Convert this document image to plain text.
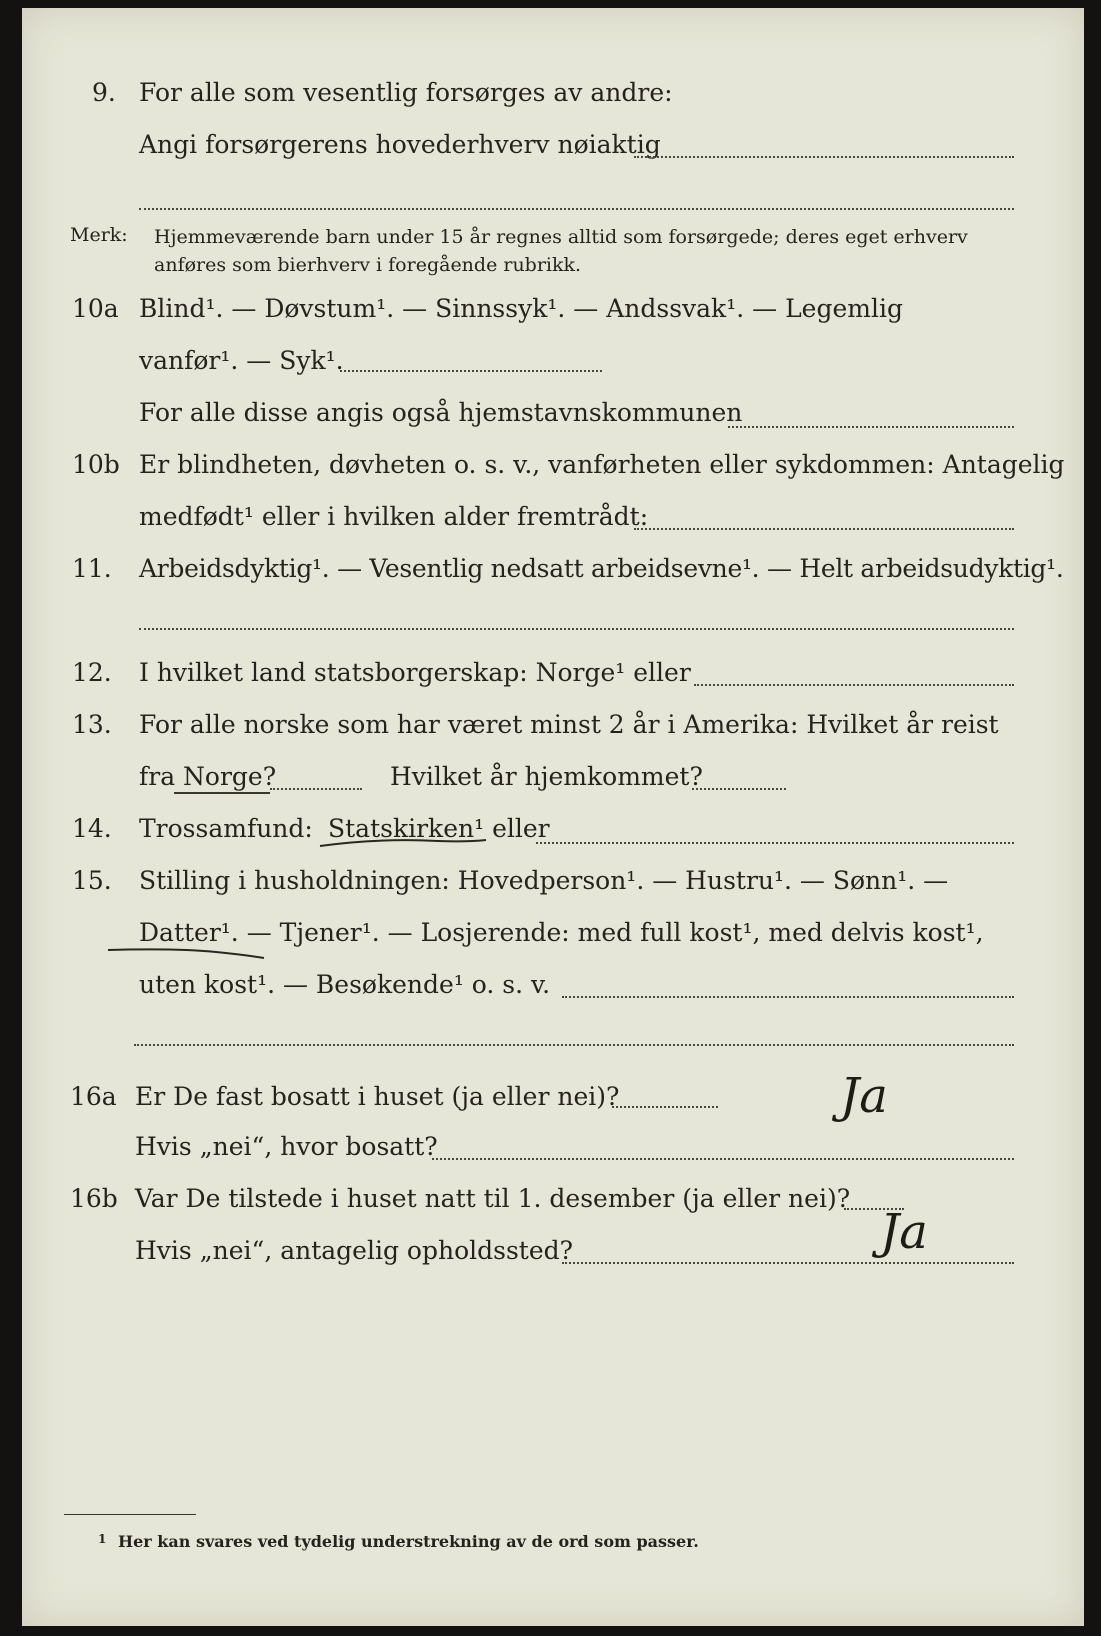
9. For alle som vesentlig forsørges av andre:
Angi forsørgerens hovederhverv nøiaktig
Merk: Hjemmeværende barn under 15 år regnes alltid som forsørgede; deres eget erhverv
anføres som bierhverv i foregående rubrikk.
10a Blind¹. — Døvstum¹. — Sinnssyk¹. — Andssvak¹. — Legemlig
vanfør¹. — Syk¹.
For alle disse angis også hjemstavnskommunen
10b Er blindheten, døvheten o. s. v., vanførheten eller sykdommen: Antagelig
medfødt¹ eller i hvilken alder fremtrådt:
11. Arbeidsdyktig¹. — Vesentlig nedsatt arbeidsevne¹. — Helt arbeidsudyktig¹.
12. I hvilket land statsborgerskap: Norge¹ eller
13. For alle norske som har været minst 2 år i Amerika: Hvilket år reist
fra Norge?	Hvilket år hjemkommet?
14. Trossamfund: Statskirken¹ eller
15. Stilling i husholdningen: Hovedperson¹. — Hustru¹. — Sønn¹. —
Datter¹. — Tjener¹. — Losjerende: med full kost¹, med delvis kost¹,
uten kost¹. — Besøkende¹ o. s. v.
16a Er De fast bosatt i huset (ja eller nei)?	Ja
Hvis „nei“, hvor bosatt?
16b Var De tilstede i huset natt til 1. desember (ja eller nei)?
Ja
Hvis „nei“, antagelig opholdssted?
1 Her kan svares ved tydelig understrekning av de ord som passer.
